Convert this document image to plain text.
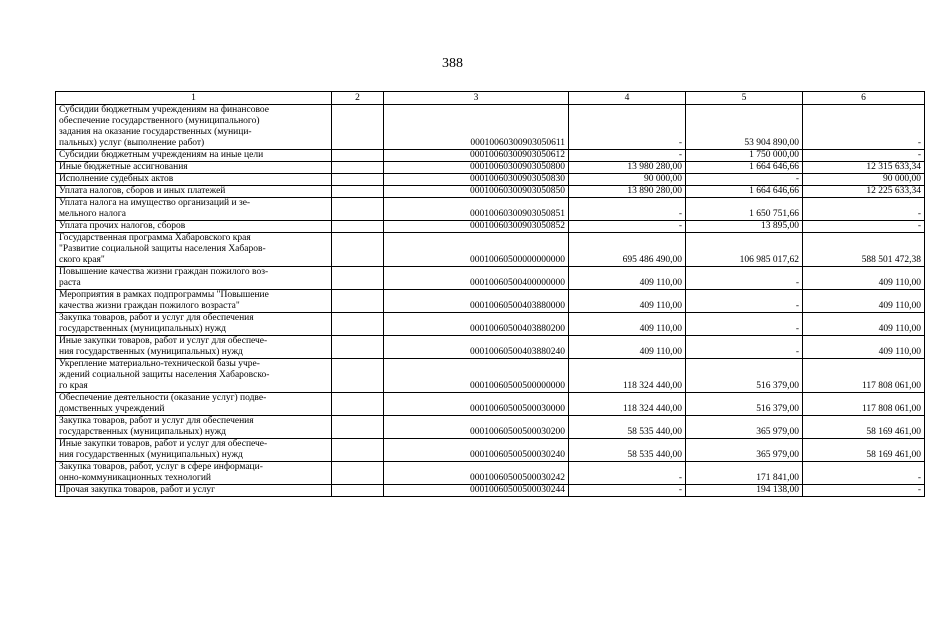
388
1	2	3	4	5	6
Субсидии бюджетным учреждениям на финансовое
обеспечение государственного (муниципального)
задания на оказание государственных (муници-
пальных) услуг (выполнение работ)		00010060300903050611	-	53 904 890,00	-
Субсидии бюджетным учреждениям на иные цели		00010060300903050612	-	1 750 000,00	-
Иные бюджетные ассигнования		00010060300903050800	13 980 280,00	1 664 646,66	12 315 633,34
Исполнение судебных актов		00010060300903050830	90 000,00	-	90 000,00
Уплата налогов, сборов и иных платежей		00010060300903050850	13 890 280,00	1 664 646,66	12 225 633,34
Уплата налога на имущество организаций и зе-
мельного налога		00010060300903050851	-	1 650 751,66	-
Уплата прочих налогов, сборов		00010060300903050852	-	13 895,00	-
Государственная программа Хабаровского края
"Развитие социальной защиты населения Хабаров-
ского края"		00010060500000000000	695 486 490,00	106 985 017,62	588 501 472,38
Повышение качества жизни граждан пожилого воз-
раста		00010060500400000000	409 110,00	-	409 110,00
Мероприятия в рамках подпрограммы "Повышение
качества жизни граждан пожилого возраста"		00010060500403880000	409 110,00	-	409 110,00
Закупка товаров, работ и услуг для обеспечения
государственных (муниципальных) нужд		00010060500403880200	409 110,00	-	409 110,00
Иные закупки товаров, работ и услуг для обеспече-
ния государственных (муниципальных) нужд		00010060500403880240	409 110,00	-	409 110,00
Укрепление материально-технической базы учре-
ждений социальной защиты населения Хабаровско-
го края		00010060500500000000	118 324 440,00	516 379,00	117 808 061,00
Обеспечение деятельности (оказание услуг) подве-
домственных учреждений		00010060500500030000	118 324 440,00	516 379,00	117 808 061,00
Закупка товаров, работ и услуг для обеспечения
государственных (муниципальных) нужд		00010060500500030200	58 535 440,00	365 979,00	58 169 461,00
Иные закупки товаров, работ и услуг для обеспече-
ния государственных (муниципальных) нужд		00010060500500030240	58 535 440,00	365 979,00	58 169 461,00
Закупка товаров, работ, услуг в сфере информаци-
онно-коммуникационных технологий		00010060500500030242	-	171 841,00	-
Прочая закупка товаров, работ и услуг		00010060500500030244	-	194 138,00	-
